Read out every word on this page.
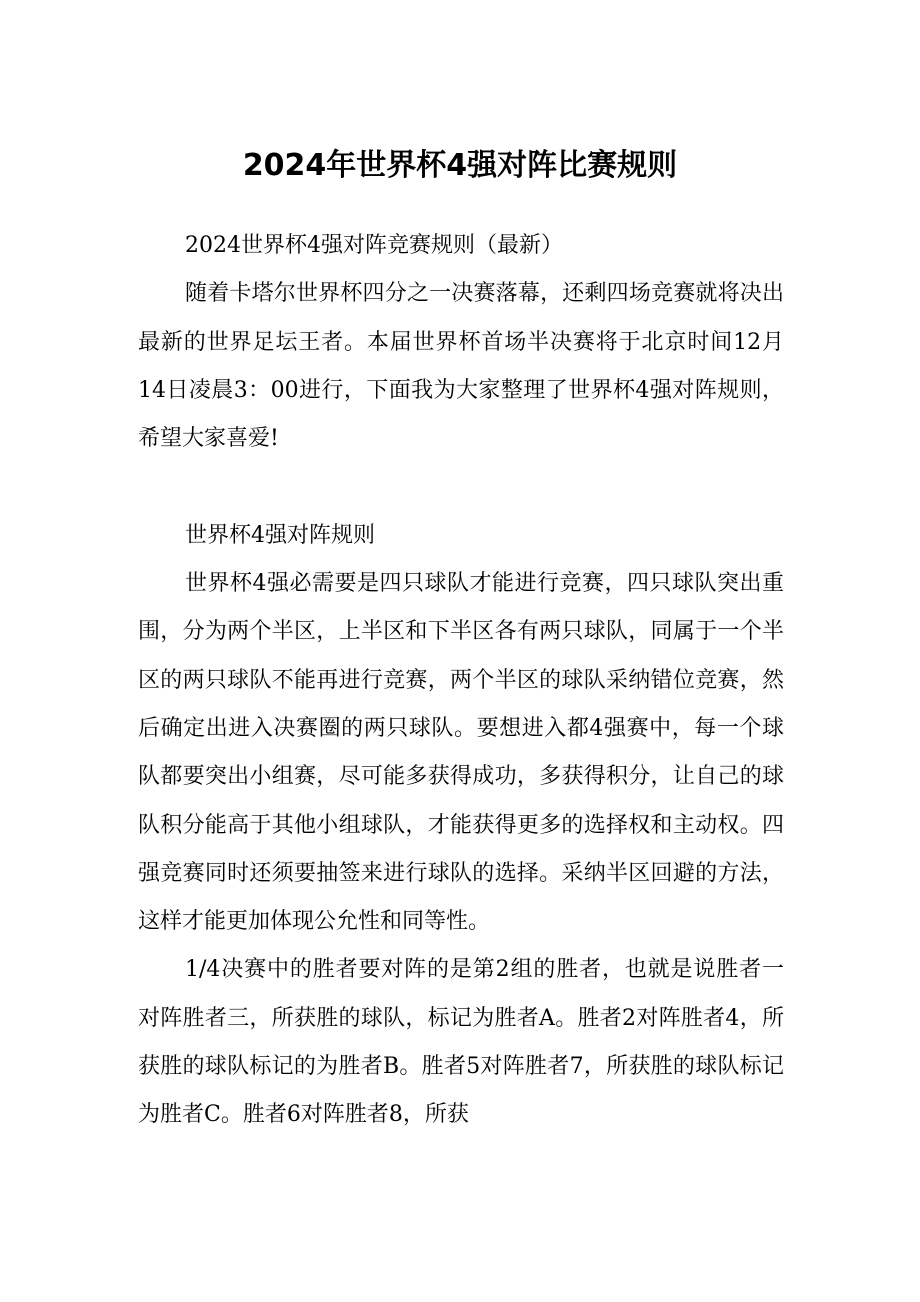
2024年世界杯4强对阵比赛规则

2024世界杯4强对阵竞赛规则（最新）

随着卡塔尔世界杯四分之一决赛落幕，还剩四场竞赛就将决出最新的世界足坛王者。本届世界杯首场半决赛将于北京时间12月14日凌晨3：00进行，下面我为大家整理了世界杯4强对阵规则，希望大家喜爱!

世界杯4强对阵规则

世界杯4强必需要是四只球队才能进行竞赛，四只球队突出重围，分为两个半区，上半区和下半区各有两只球队，同属于一个半区的两只球队不能再进行竞赛，两个半区的球队采纳错位竞赛，然后确定出进入决赛圈的两只球队。要想进入都4强赛中，每一个球队都要突出小组赛，尽可能多获得成功，多获得积分，让自己的球队积分能高于其他小组球队，才能获得更多的选择权和主动权。四强竞赛同时还须要抽签来进行球队的选择。采纳半区回避的方法，这样才能更加体现公允性和同等性。

1/4决赛中的胜者要对阵的是第2组的胜者，也就是说胜者一对阵胜者三，所获胜的球队，标记为胜者A。胜者2对阵胜者4，所获胜的球队标记的为胜者B。胜者5对阵胜者7，所获胜的球队标记为胜者C。胜者6对阵胜者8，所获
